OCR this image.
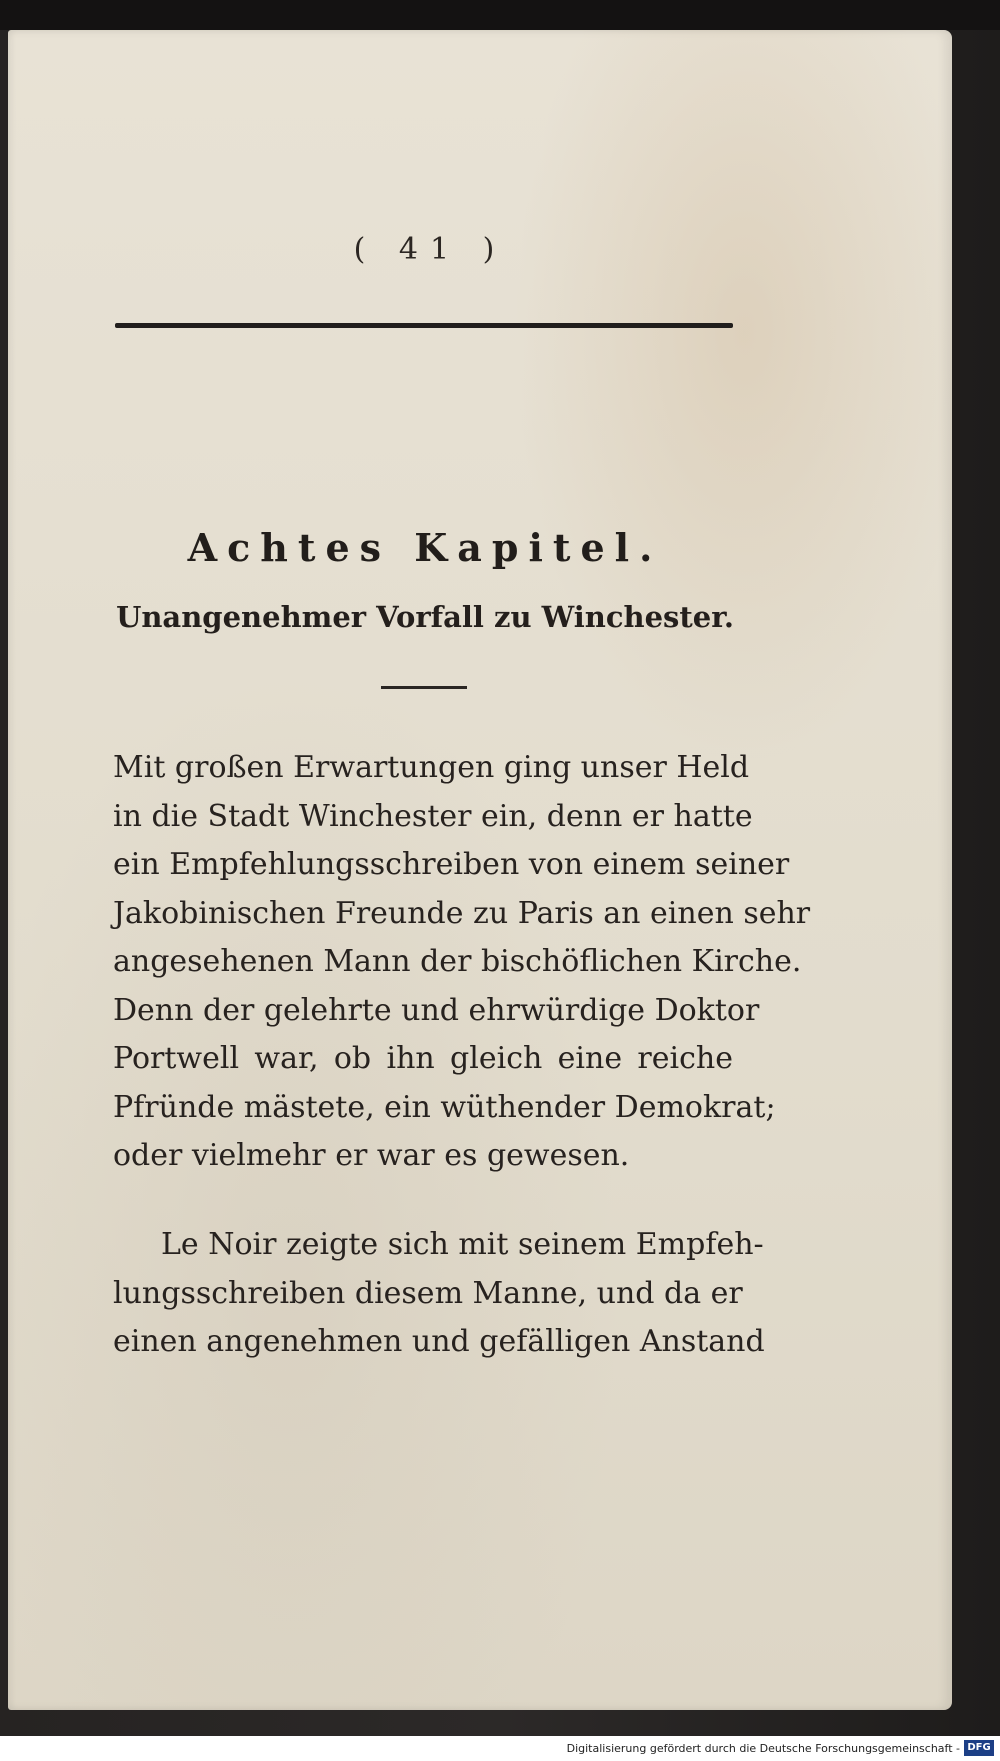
( 41 )
Achtes Kapitel.
Unangenehmer Vorfall zu Winchester.
Mit großen Erwartungen ging unser Held
in die Stadt Winchester ein, denn er hatte
ein Empfehlungsschreiben von einem seiner
Jakobinischen Freunde zu Paris an einen sehr
angesehenen Mann der bischöflichen Kirche.
Denn der gelehrte und ehrwürdige Doktor
Portwell war, ob ihn gleich eine reiche
Pfründe mästete, ein wüthender Demokrat;
oder vielmehr er war es gewesen.
Le Noir zeigte sich mit seinem Empfeh-
lungsschreiben diesem Manne, und da er
einen angenehmen und gefälligen Anstand
Digitalisierung gefördert durch die Deutsche Forschungsgemeinschaft - DFG
